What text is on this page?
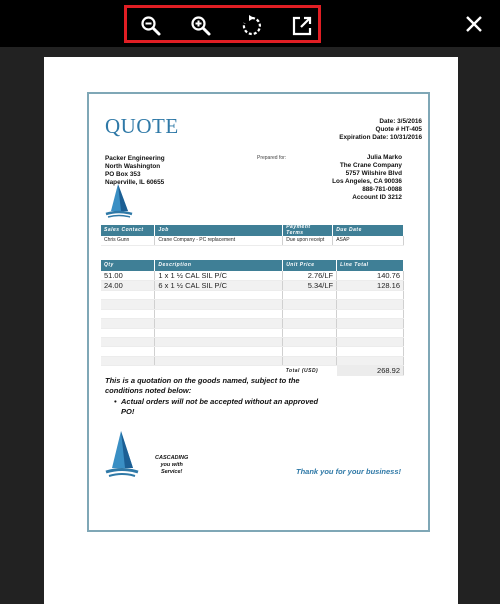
QUOTE	Date: 3/5/2016
Quote # HT-405
Expiration Date: 10/31/2016
Packer Engineering
North Washington
PO Box 353
Naperville, IL 60655
Prepared for:	Julia Marko
The Crane Company
5757 Wilshire Blvd
Los Angeles, CA 90036
888-781-0088
Account ID 3212
Sales Contact	Job	Payment Terms	Due Date
Chris Gunn	Crane Company - PC replacement	Due upon receipt	ASAP
Qty	Description	Unit Price	Line Total
51.00	1 x 1 ½ CAL SIL P/C	2.76/LF	140.76
24.00	6 x 1 ½ CAL SIL P/C	5.34/LF	128.16

		Total (USD)	268.92
This is a quotation on the goods named, subject to the conditions noted below:
• Actual orders will not be accepted without an approved PO!
CASCADING
you with
Service!	Thank you for your business!
